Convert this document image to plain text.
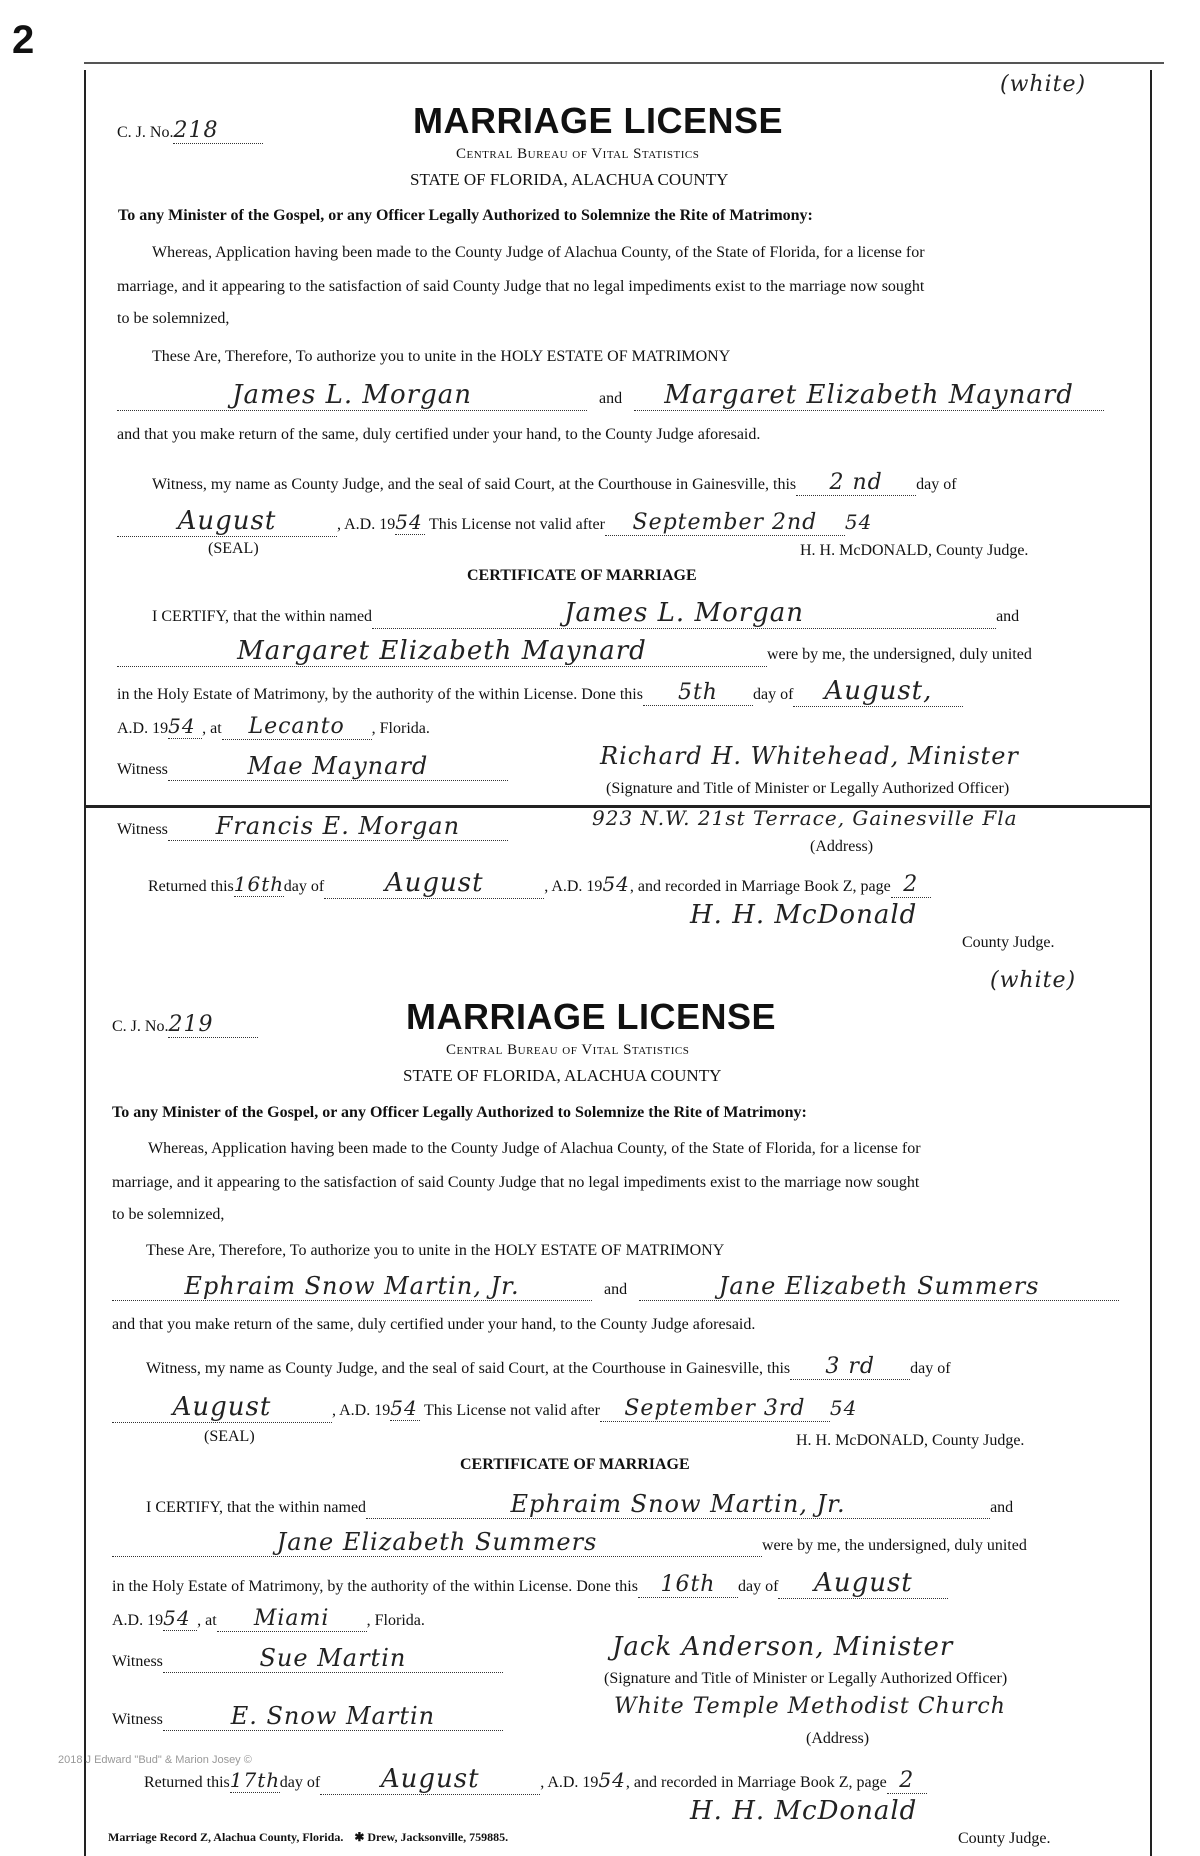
2
(white)
C. J. No.218	MARRIAGE LICENSE
Central Bureau of Vital Statistics
STATE OF FLORIDA, ALACHUA COUNTY
To any Minister of the Gospel, or any Officer Legally Authorized to Solemnize the Rite of Matrimony:
Whereas, Application having been made to the County Judge of Alachua County, of the State of Florida, for a license for
marriage, and it appearing to the satisfaction of said County Judge that no legal impediments exist to the marriage now sought
to be solemnized,
These Are, Therefore, To authorize you to unite in the HOLY ESTATE OF MATRIMONY
James L. Morgan	and Margaret Elizabeth Maynard
and that you make return of the same, duly certified under your hand, to the County Judge aforesaid.
Witness, my name as County Judge, and the seal of said Court, at the Courthouse in Gainesville, this 2 nd day of
August	, A.D. 1954 This License not valid after September 2nd 54
(SEAL)	H. H. McDONALD, County Judge.
CERTIFICATE OF MARRIAGE
I CERTIFY, that the within named	James L. Morgan	and
Margaret Elizabeth Maynard	were by me, the undersigned, duly united
in the Holy Estate of Matrimony, by the authority of the within License. Done this 5th day of August,
A.D. 1954 , at Lecanto , Florida.
Witness	Mae Maynard	Richard H. Whitehead, Minister
(Signature and Title of Minister or Legally Authorized Officer)
Witness Francis E. Morgan	923 N.W. 21st Terrace, Gainesville Fla
(Address)
Returned this16thday of August	, A.D. 1954, and recorded in Marriage Book Z, page 2
H. H. McDonald
County Judge.
(white)
C. J. No.219	MARRIAGE LICENSE
Central Bureau of Vital Statistics
STATE OF FLORIDA, ALACHUA COUNTY
To any Minister of the Gospel, or any Officer Legally Authorized to Solemnize the Rite of Matrimony:
Whereas, Application having been made to the County Judge of Alachua County, of the State of Florida, for a license for
marriage, and it appearing to the satisfaction of said County Judge that no legal impediments exist to the marriage now sought
to be solemnized,
These Are, Therefore, To authorize you to unite in the HOLY ESTATE OF MATRIMONY
Ephraim Snow Martin, Jr.	and	Jane Elizabeth Summers
and that you make return of the same, duly certified under your hand, to the County Judge aforesaid.
Witness, my name as County Judge, and the seal of said Court, at the Courthouse in Gainesville, this 3 rd day of
August	, A.D. 1954 This License not valid after September 3rd 54
(SEAL)	H. H. McDONALD, County Judge.
CERTIFICATE OF MARRIAGE
I CERTIFY, that the within named	Ephraim Snow Martin, Jr.	and
Jane Elizabeth Summers	were by me, the undersigned, duly united
in the Holy Estate of Matrimony, by the authority of the within License. Done this 16th day of August
A.D. 1954 , at Miami , Florida.
Witness	Sue Martin	Jack Anderson, Minister
(Signature and Title of Minister or Legally Authorized Officer)
Witness	E. Snow Martin	White Temple Methodist Church
(Address)
2018 J Edward "Bud" & Marion Josey ©
Returned this17thday of August	, A.D. 1954, and recorded in Marriage Book Z, page 2
H. H. McDonald
County Judge.
Marriage Record Z, Alachua County, Florida. ✱ Drew, Jacksonville, 759885.
